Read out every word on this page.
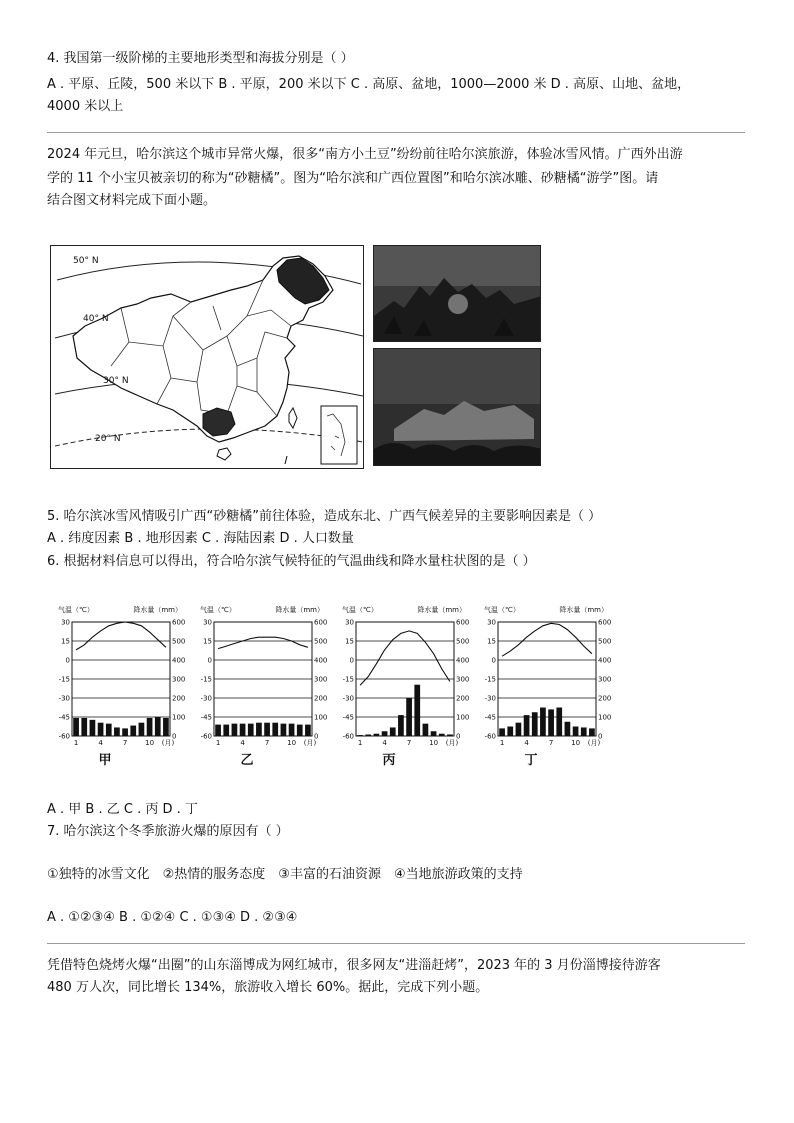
4. 我国第一级阶梯的主要地形类型和海拔分别是（ ）
A . 平原、丘陵，500 米以下 B . 平原，200 米以下 C . 高原、盆地，1000—2000 米 D . 高原、山地、盆地，
4000 米以上
2024 年元旦，哈尔滨这个城市异常火爆，很多“南方小土豆”纷纷前往哈尔滨旅游，体验冰雪风情。广西外出游
学的 11 个小宝贝被亲切的称为“砂糖橘”。图为“哈尔滨和广西位置图”和哈尔滨冰雕、砂糖橘“游学”图。请
结合图文材料完成下面小题。
50° N
40° N
30° N
20° N
5. 哈尔滨冰雪风情吸引广西“砂糖橘”前往体验，造成东北、广西气候差异的主要影响因素是（ ）
A . 纬度因素 B . 地形因素 C . 海陆因素 D . 人口数量
6. 根据材料信息可以得出，符合哈尔滨气候特征的气温曲线和降水量柱状图的是（ ）
气温（℃）	降水量（mm）
30
15
0
-15
-30
-45
-60
600
500
400
300
200
100
0
1	4	7	10 (月)
甲
气温（℃）	降水量（mm）
30
15
0
-15
-30
-45
-60
600
500
400
300
200
100
0
1	4	7	10 (月)
乙
气温（℃）	降水量（mm）
30
15
0
-15
-30
-45
-60
600
500
400
300
200
100
0
1	4	7	10 (月)
丙
气温（℃）	降水量（mm）
30
15
0
-15
-30
-45
-60
600
500
400
300
200
100
0
1	4	7	10 (月)
丁
A . 甲 B . 乙 C . 丙 D . 丁
7. 哈尔滨这个冬季旅游火爆的原因有（ ）
①独特的冰雪文化　②热情的服务态度　③丰富的石油资源　④当地旅游政策的支持
A . ①②③④ B . ①②④ C . ①③④ D . ②③④
凭借特色烧烤火爆“出圈”的山东淄博成为网红城市，很多网友“进淄赶烤”，2023 年的 3 月份淄博接待游客
480 万人次，同比增长 134%，旅游收入增长 60%。据此，完成下列小题。
